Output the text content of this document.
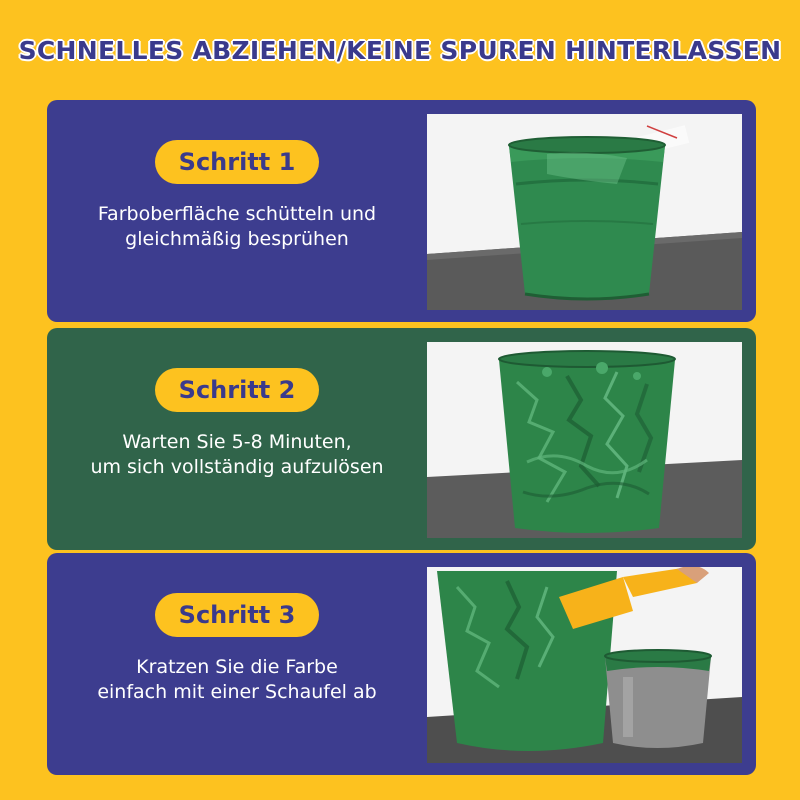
SCHNELLES ABZIEHEN/KEINE SPUREN HINTERLASSEN
Schritt 1
Farboberfläche schütteln und
gleichmäßig besprühen
Schritt 2
Warten Sie 5-8 Minuten,
um sich vollständig aufzulösen
Schritt 3
Kratzen Sie die Farbe
einfach mit einer Schaufel ab
